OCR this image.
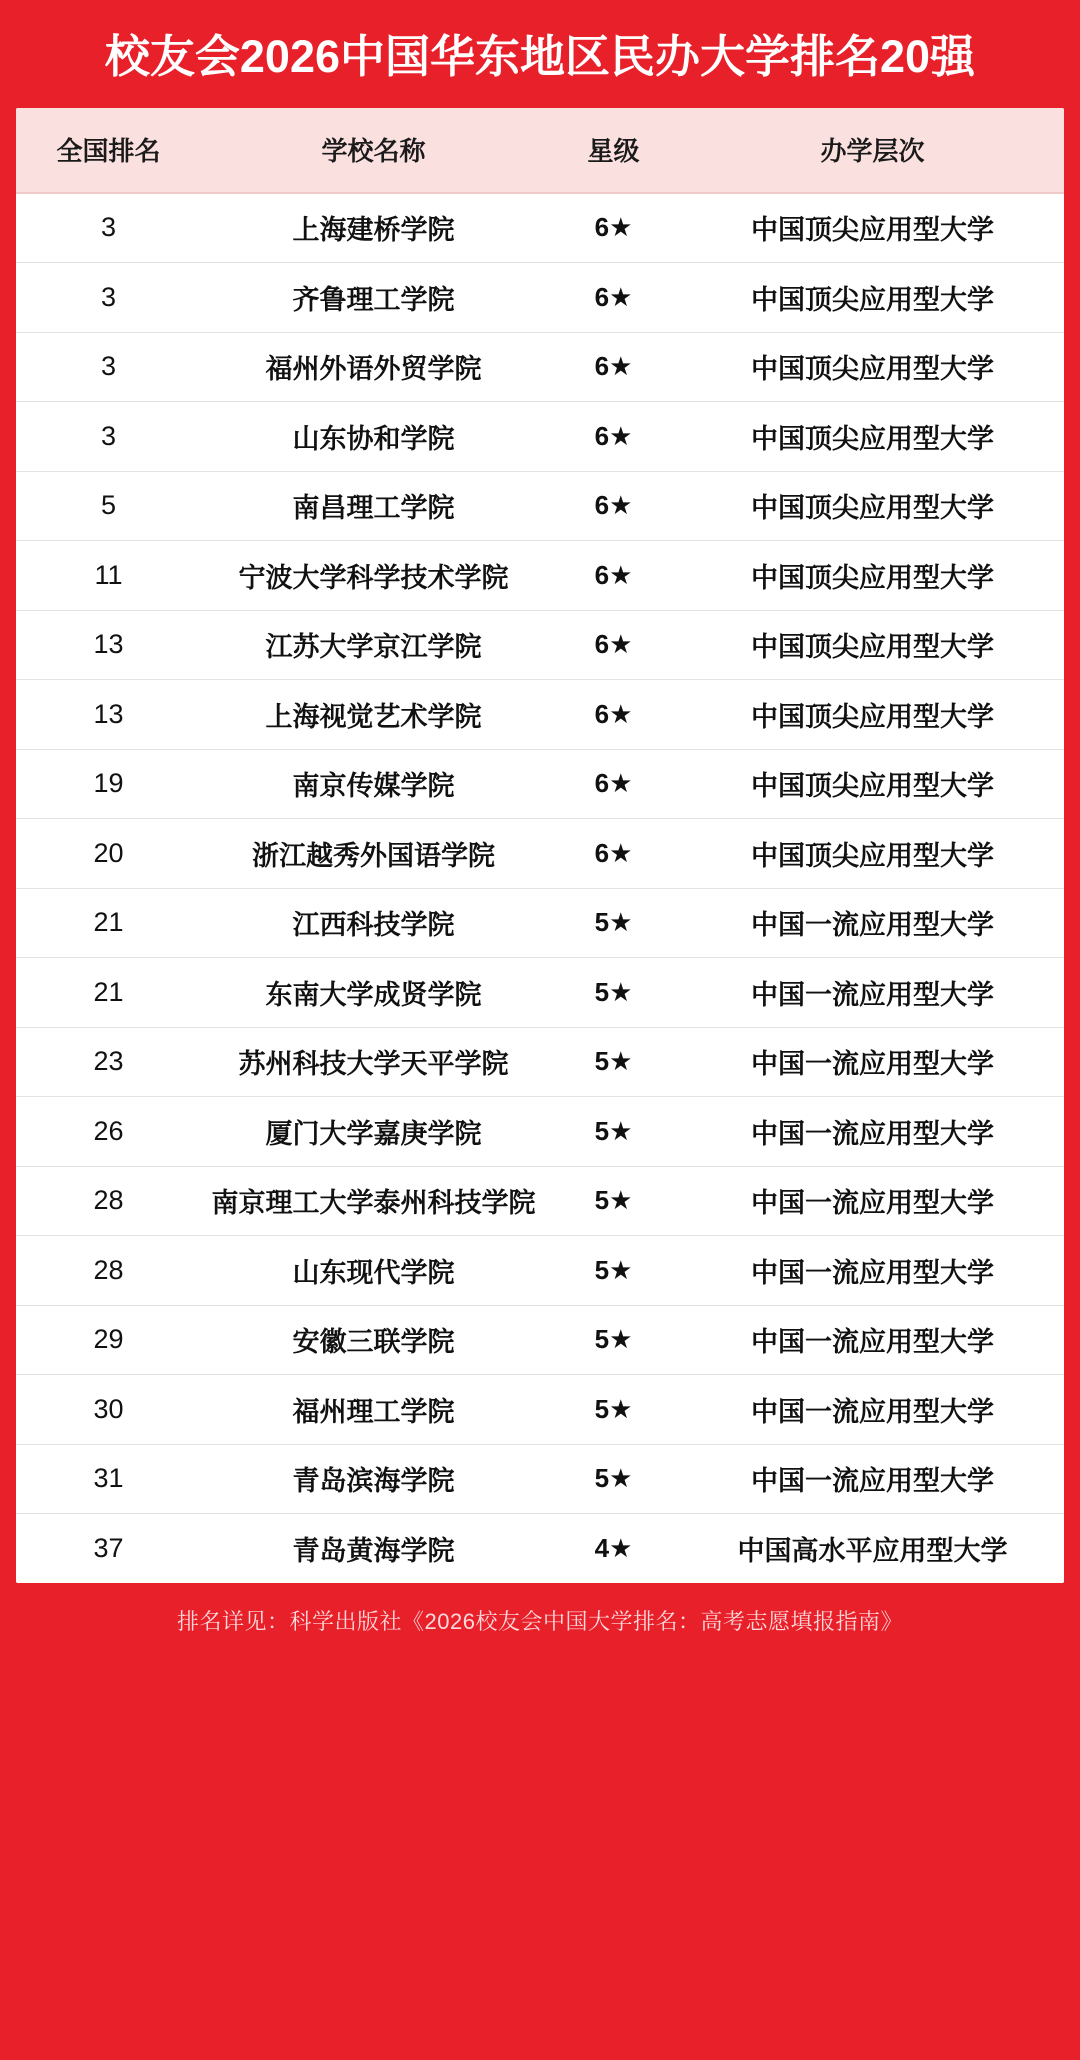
校友会2026中国华东地区民办大学排名20强
全国排名	学校名称	星级	办学层次
3	上海建桥学院	6★	中国顶尖应用型大学
3	齐鲁理工学院	6★	中国顶尖应用型大学
3	福州外语外贸学院	6★	中国顶尖应用型大学
3	山东协和学院	6★	中国顶尖应用型大学
5	南昌理工学院	6★	中国顶尖应用型大学
11	宁波大学科学技术学院	6★	中国顶尖应用型大学
13	江苏大学京江学院	6★	中国顶尖应用型大学
13	上海视觉艺术学院	6★	中国顶尖应用型大学
19	南京传媒学院	6★	中国顶尖应用型大学
20	浙江越秀外国语学院	6★	中国顶尖应用型大学
21	江西科技学院	5★	中国一流应用型大学
21	东南大学成贤学院	5★	中国一流应用型大学
23	苏州科技大学天平学院	5★	中国一流应用型大学
26	厦门大学嘉庚学院	5★	中国一流应用型大学
28	南京理工大学泰州科技学院	5★	中国一流应用型大学
28	山东现代学院	5★	中国一流应用型大学
29	安徽三联学院	5★	中国一流应用型大学
30	福州理工学院	5★	中国一流应用型大学
31	青岛滨海学院	5★	中国一流应用型大学
37	青岛黄海学院	4★	中国高水平应用型大学
排名详见：科学出版社《2026校友会中国大学排名：高考志愿填报指南》
